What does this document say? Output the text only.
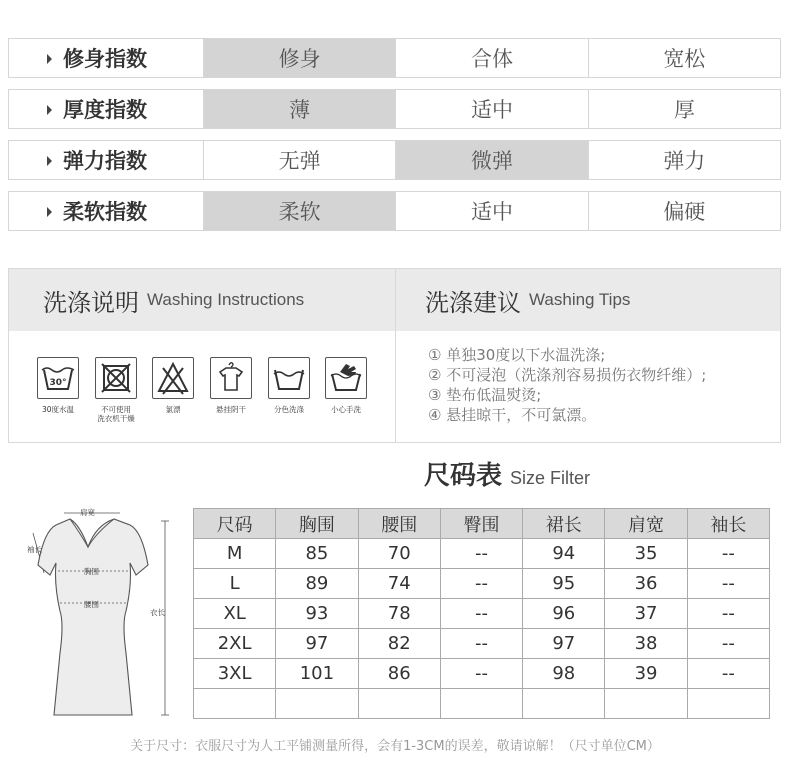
修身指数	修身	合体	宽松
厚度指数	薄	适中	厚
弹力指数	无弹	微弹	弹力
柔软指数	柔软	适中	偏硬
洗涤说明 Washing Instructions	洗涤建议 Washing Tips
30°
30度水温	不可使用
洗衣机干燥
氯漂	悬挂阴干	分色洗涤	小心手洗
① 单独30度以下水温洗涤;
② 不可浸泡（洗涤剂容易损伤衣物纤维）;
③ 垫布低温熨烫;
④ 悬挂晾干，不可氯漂。
尺码表 Size Filter
肩宽
袖长
胸围
腰围
衣长
尺码	胸围	腰围	臀围	裙长	肩宽	袖长
M	85	70	--	94	35	--
L	89	74	--	95	36	--
XL	93	78	--	96	37	--
2XL	97	82	--	97	38	--
3XL	101	86	--	98	39	--

关于尺寸：衣服尺寸为人工平铺测量所得，会有1-3CM的误差，敬请谅解！（尺寸单位CM）
